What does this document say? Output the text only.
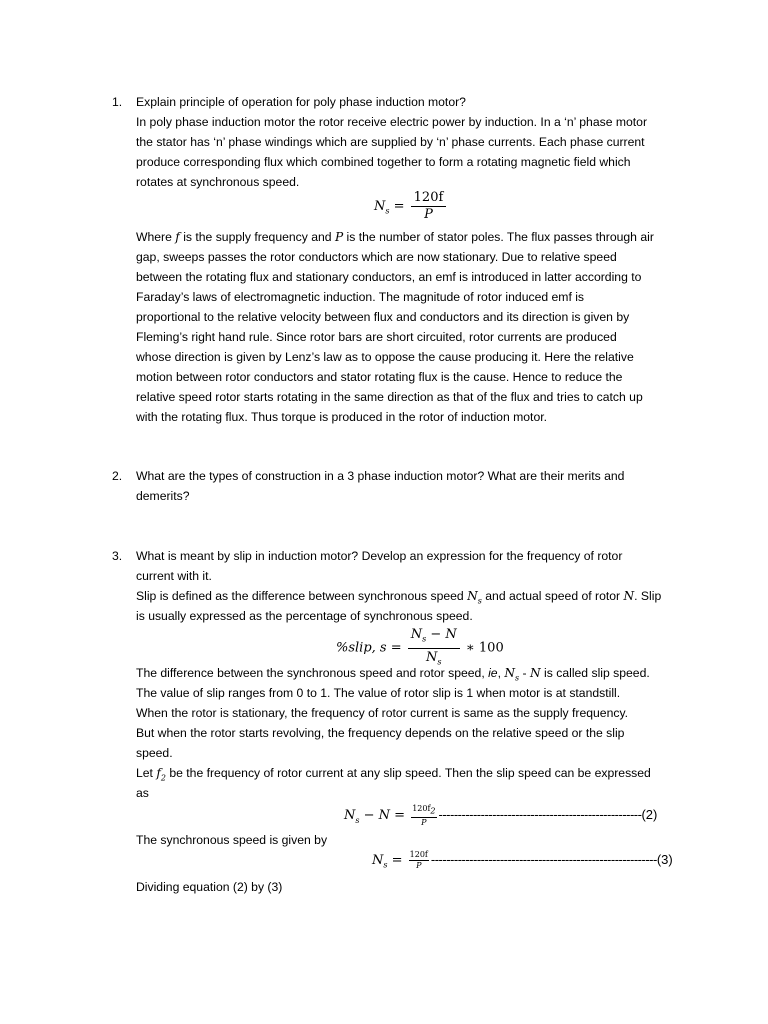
1.	Explain principle of operation for poly phase induction motor?
In poly phase induction motor the rotor receive electric power by induction. In a ‘n’ phase motor
the stator has ‘n’ phase windings which are supplied by ‘n’ phase currents. Each phase current
produce corresponding flux which combined together to form a rotating magnetic field which
rotates at synchronous speed.
$N_s = \frac{120f}{P}$
Where f is the supply frequency and P is the number of stator poles. The flux passes through air
gap, sweeps passes the rotor conductors which are now stationary. Due to relative speed
between the rotating flux and stationary conductors, an emf is introduced in latter according to
Faraday’s laws of electromagnetic induction. The magnitude of rotor induced emf is
proportional to the relative velocity between flux and conductors and its direction is given by
Fleming’s right hand rule. Since rotor bars are short circuited, rotor currents are produced
whose direction is given by Lenz’s law as to oppose the cause producing it. Here the relative
motion between rotor conductors and stator rotating flux is the cause. Hence to reduce the
relative speed rotor starts rotating in the same direction as that of the flux and tries to catch up
with the rotating flux. Thus torque is produced in the rotor of induction motor.
2.	What are the types of construction in a 3 phase induction motor? What are their merits and
demerits?
3.	What is meant by slip in induction motor? Develop an expression for the frequency of rotor
current with it.
Slip is defined as the difference between synchronous speed $N_s$ and actual speed of rotor N. Slip
is usually expressed as the percentage of synchronous speed.
%slip, $s = \frac{N_s - N}{N_s}$ ∗ 100
The difference between the synchronous speed and rotor speed, ie, $N_s$ - N is called slip speed.
The value of slip ranges from 0 to 1. The value of rotor slip is 1 when motor is at standstill.
When the rotor is stationary, the frequency of rotor current is same as the supply frequency.
But when the rotor starts revolving, the frequency depends on the relative speed or the slip
speed.
Let $f_2$ be the frequency of rotor current at any slip speed. Then the slip speed can be expressed
as
$N_s - N = \frac{120f_2}{P} -----------------------------------------------------(2)$
The synchronous speed is given by
$N_s = \frac{120f}{P} -----------------------------------------------------------(3)$
Dividing equation (2) by (3)
